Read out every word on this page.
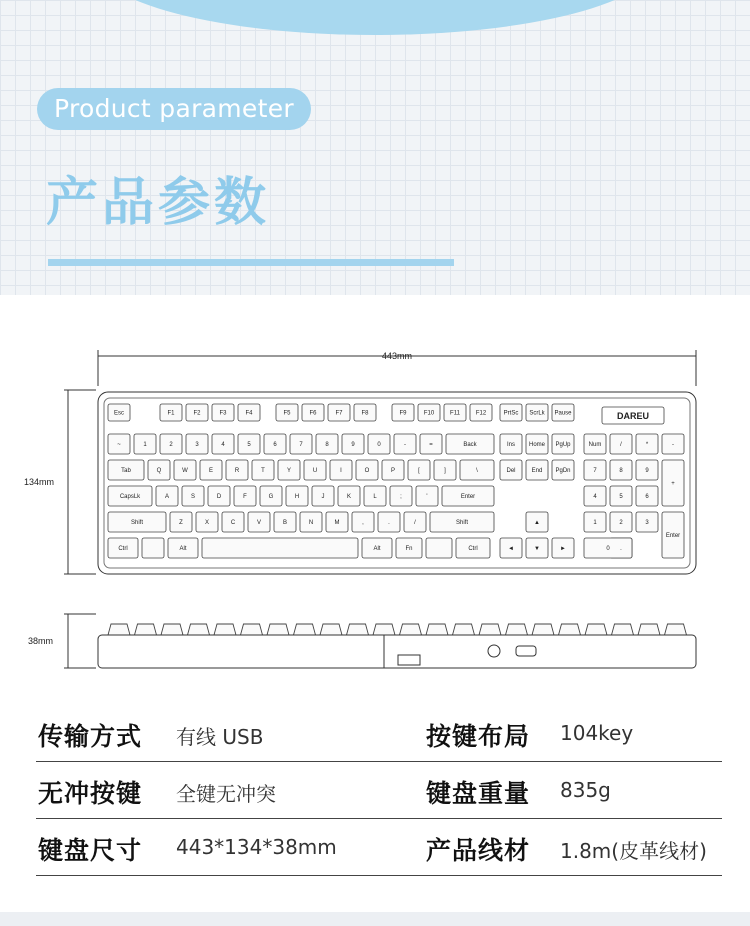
Product parameter
产品参数
Esc	F1	F2	F3	F4	F5	F6	F7	F8	F9	F10	F11	F12	PrtSc ScrLk Pause
~	1	2	3	4	5	6	7	8	9	0	-	=	Back
Tab	Q	W	E	R	T	Y	U	I	O	P	[	]	\
CapsLk	A	S	D	F	G	H	J	K	L	;	'	Enter
Shift	Z	X	C	V	B	N	M	,	.	/	Shift
Ctrl	Alt	Alt	Fn	Ctrl
Ins Home PgUp
Del	End PgDn
▲
◄	▼	►
Num	/	*	-
7	8	9
4	5	6
1	2	3
.
+
Enter
0
DAREU
443mm
134mm
38mm
传输方式 有线 USB	按键布局 104key
无冲按键 全键无冲突	键盘重量 835g
键盘尺寸 443*134*38mm	产品线材 1.8m(皮革线材)
